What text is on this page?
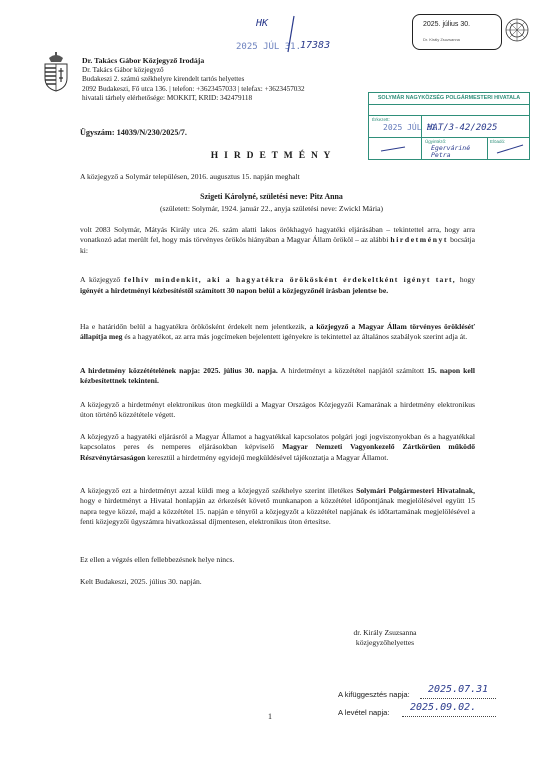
HK
2025 JÚL 31.
17383
2025. július 30.
Dr. Király Zsuzsanna
Dr. Takács Gábor Közjegyző Irodája
Dr. Takács Gábor közjegyző
Budakeszi 2. számú székhelyre kirendelt tartós helyettes
2092 Budakeszi, Fő utca 136. | telefon: +3623457033 | telefax: +3623457032
hivatali tárhely elérhetősége: MOKKIT, KRID: 342479118	SOLYMÁR NAGYKÖZSÉG POLGÁRMESTERI HIVATALA
Érkezett:
2025 JÚL 31.
HAT/3-42/2025
Ügyintéző:
Egerváriné Petra
Elöadó:
Ügyszám: 14039/N/230/2025/7.
H I R D E T M É N Y
A közjegyző a Solymár településen, 2016. augusztus 15. napján meghalt
Szigeti Károlyné, születési neve: Pitz Anna
(született: Solymár, 1924. január 22., anyja születési neve: Zwickl Mária)
volt 2083 Solymár, Mátyás Király utca 26. szám alatti lakos örökhagyó hagyatéki eljárásában – tekintettel arra, hogy arra vonatkozó adat merült fel, hogy más törvényes örökös hiányában a Magyar Állam örököl – az alábbi hirdetményt bocsátja ki:
A közjegyző felhív mindenkit, aki a hagyatékra örökösként érdekeltként igényt tart, hogy igényét a hirdetményi kézbesítéstől számított 30 napon belül a közjegyzőnél írásban jelentse be.
Ha e határidőn belül a hagyatékra örökösként érdekelt nem jelentkezik, a közjegyző a Magyar Állam törvényes örökléséť állapítja meg és a hagyatékot, az arra más jogcímeken bejelentett igényekre is tekintettel az általános szabályok szerint adja át.
A hirdetmény közzétételének napja: 2025. július 30. napja. A hirdetményt a közzététel napjától számított 15. napon kell kézbesítettnek tekinteni.
A közjegyző a hirdetményt elektronikus úton megküldi a Magyar Országos Közjegyzői Kamarának a hirdetmény elektronikus úton történő közzététele végett.
A közjegyző a hagyatéki eljárásról a Magyar Államot a hagyatékkal kapcsolatos polgári jogi jogviszonyokban és a hagyatékkal kapcsolatos peres és nemperes eljárásokban képviselő Magyar Nemzeti Vagyonkezelő Zártkörűen működő Részvénytársaságon keresztül a hirdetmény egyidejű megküldésével tájékoztatja a Magyar Államot.
A közjegyző ezt a hirdetményt azzal küldi meg a közjegyző székhelye szerint illetékes Solymári Polgármesteri Hivatalnak, hogy e hirdetményt a Hivatal honlapján az érkezését követő munkanapon a közzététel időpontjának megjelölésével együtt 15 napra tegye közzé, majd a közzététel 15. napján e tényről a közjegyzőt a közzététel napjának és időtartamának megjelölésével a fenti közjegyzői ügyszámra hivatkozással díjmentesen, elektronikus úton értesítse.
Ez ellen a végzés ellen fellebbezésnek helye nincs.
Kelt Budakeszi, 2025. július 30. napján.
dr. Király Zsuzsanna
közjegyzőhelyettes
A kifüggesztés napja: 2025.07.31
A levétel napja: 2025.09.02.
1
